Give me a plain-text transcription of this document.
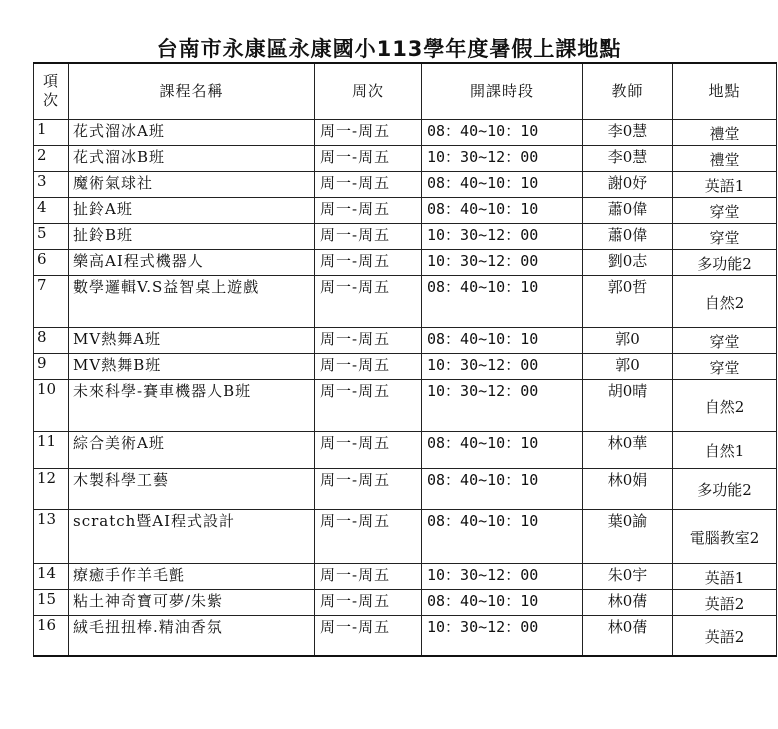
台南市永康區永康國小113學年度暑假上課地點
項
次	課程名稱	周次	開課時段	教師	地點
1	花式溜冰A班	周一-周五	08：40~10：10	李0慧	禮堂
2	花式溜冰B班	周一-周五	10：30~12：00	李0慧	禮堂
3	魔術氣球社	周一-周五	08：40~10：10	謝0妤	英語1
4	扯鈴A班	周一-周五	08：40~10：10	蕭0偉	穿堂
5	扯鈴B班	周一-周五	10：30~12：00	蕭0偉	穿堂
6	樂高AI程式機器人	周一-周五	10：30~12：00	劉0志	多功能2
7	數學邏輯V.S益智桌上遊戲	周一-周五	08：40~10：10	郭0哲	自然2
8	MV熱舞A班	周一-周五	08：40~10：10	郭0	穿堂
9	MV熱舞B班	周一-周五	10：30~12：00	郭0	穿堂
10	未來科學-賽車機器人B班	周一-周五	10：30~12：00	胡0晴	自然2
11	綜合美術A班	周一-周五	08：40~10：10	林0華	自然1
12	木製科學工藝	周一-周五	08：40~10：10	林0娟	多功能2
13	scratch暨AI程式設計	周一-周五	08：40~10：10	葉0諭	電腦教室2
14	療癒手作羊毛氈	周一-周五	10：30~12：00	朱0宇	英語1
15	粘土神奇寶可夢/朱紫	周一-周五	08：40~10：10	林0蒨	英語2
16	絨毛扭扭棒.精油香氛	周一-周五	10：30~12：00	林0蒨	英語2
